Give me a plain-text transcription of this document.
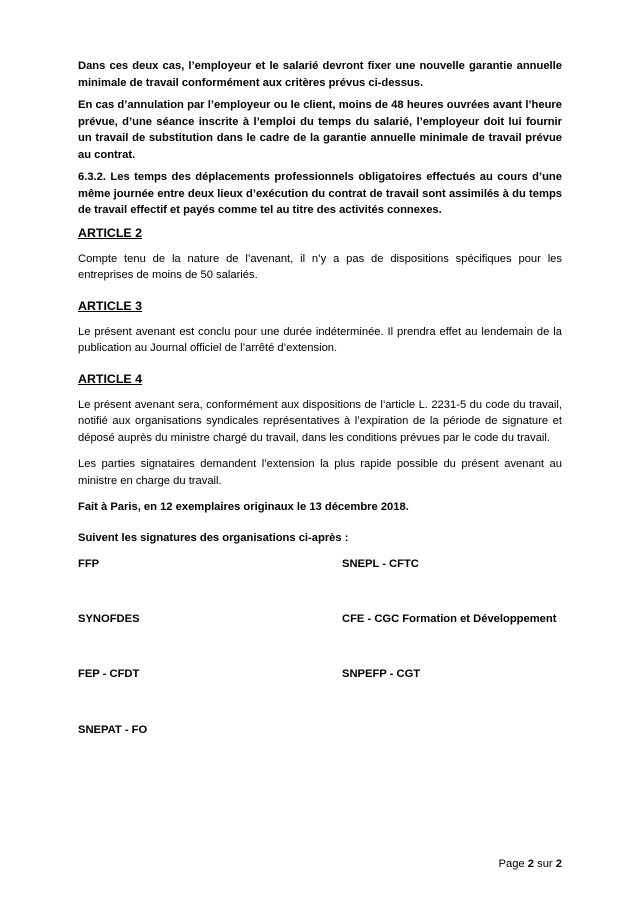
Dans ces deux cas, l’employeur et le salarié devront fixer une nouvelle garantie annuelle minimale de travail conformément aux critères prévus ci-dessus.

En cas d’annulation par l’employeur ou le client, moins de 48 heures ouvrées avant l’heure prévue, d’une séance inscrite à l’emploi du temps du salarié, l’employeur doit lui fournir un travail de substitution dans le cadre de la garantie annuelle minimale de travail prévue au contrat.

6.3.2. Les temps des déplacements professionnels obligatoires effectués au cours d’une même journée entre deux lieux d’exécution du contrat de travail sont assimilés à du temps de travail effectif et payés comme tel au titre des activités connexes.

ARTICLE 2

Compte tenu de la nature de l’avenant, il n’y a pas de dispositions spécifiques pour les entreprises de moins de 50 salariés.

ARTICLE 3

Le présent avenant est conclu pour une durée indéterminée. Il prendra effet au lendemain de la publication au Journal officiel de l’arrêté d’extension.

ARTICLE 4

Le présent avenant sera, conformément aux dispositions de l’article L. 2231-5 du code du travail, notifié aux organisations syndicales représentatives à l’expiration de la période de signature et déposé auprès du ministre chargé du travail, dans les conditions prévues par le code du travail.

Les parties signataires demandent l’extension la plus rapide possible du présent avenant au ministre en charge du travail.

Fait à Paris, en 12 exemplaires originaux le 13 décembre 2018.

Suivent les signatures des organisations ci-après :

FFP	SNEPL - CFTC
SYNOFDES	CFE - CGC Formation et Développement
FEP - CFDT	SNPEFP - CGT
SNEPAT - FO
Page 2 sur 2
